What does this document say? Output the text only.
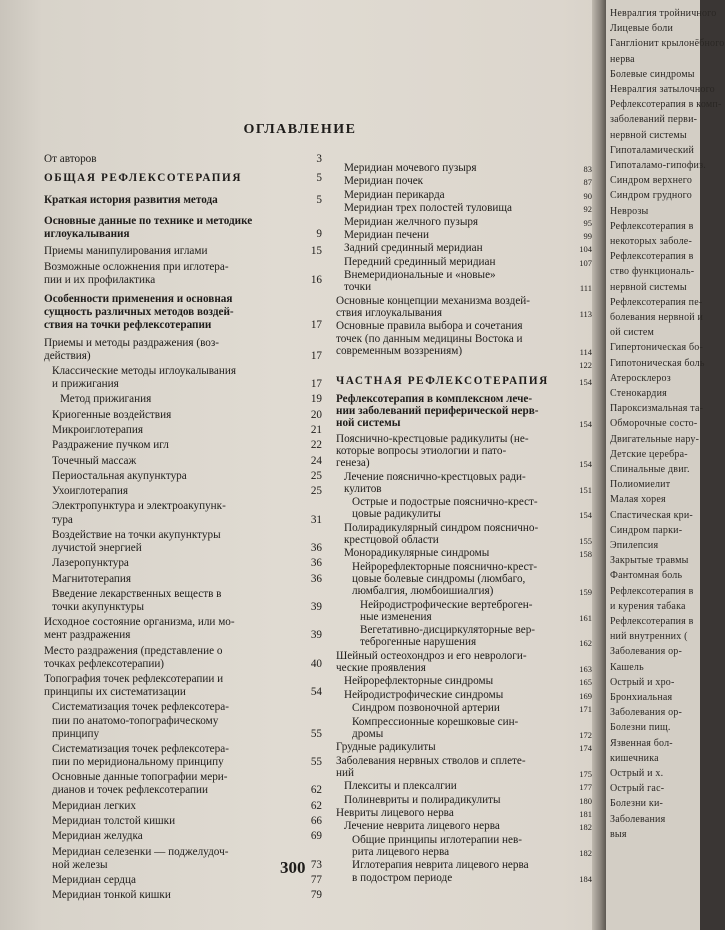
ОГЛАВЛЕНИЕ
От авторов	3
ОБЩАЯ РЕФЛЕКСОТЕРАПИЯ	5
Краткая история развития метода	5
Основные данные по технике и методике
иглоукалывания	9
Приемы манипулирования иглами	15
Возможные осложнения при иглотера-
пии и их профилактика	16
Особенности применения и основная
сущность различных методов воздей-
ствия на точки рефлексотерапии	17
Приемы и методы раздражения (воз-
действия)	17
Классические методы иглоукалывания
и прижигания	17
Метод прижигания	19
Криогенные воздействия	20
Микроиглотерапия	21
Раздражение пучком игл	22
Точечный массаж	24
Периостальная акупунктура	25
Ухоиглотерапия	25
Электропунктура и электроакупунк-
тура	31
Воздействие на точки акупунктуры
лучистой энергией	36
Лазеропунктура	36
Магнитотерапия	36
Введение лекарственных веществ в
точки акупунктуры	39
Исходное состояние организма, или мо-
мент раздражения	39
Место раздражения (представление о
точках рефлексотерапии)	40
Топография точек рефлексотерапии и
принципы их систематизации	54
Систематизация точек рефлексотера-
пии по анатомо-топографическому
принципу	55
Систематизация точек рефлексотера-
пии по меридиональному принципу	55
Основные данные топографии мери-
дианов и точек рефлексотерапии	62
Меридиан легких	62
Меридиан толстой кишки	66
Меридиан желудка	69
Меридиан селезенки — поджелудоч-
ной железы	73
Меридиан сердца	77
Меридиан тонкой кишки	79
Меридиан мочевого пузыря	83
Меридиан почек	87
Меридиан перикарда	90
Меридиан трех полостей туловища	92
Меридиан желчного пузыря	95
Меридиан печени	99
Задний срединный меридиан	104
Передний срединный меридиан	107
Внемеридиональные и «новые»
точки	111
Основные концепции механизма воздей-
ствия иглоукалывания	113
Основные правила выбора и сочетания
точек (по данным медицины Востока и
современным воззрениям)	114
122
ЧАСТНАЯ РЕФЛЕКСОТЕРАПИЯ	154
Рефлексотерапия в комплексном лече-
нии заболеваний периферической нерв-
ной системы	154
Пояснично-крестцовые радикулиты (не-
которые вопросы этиологии и пато-
генеза)	154
Лечение пояснично-крестцовых ради-
кулитов	151
Острые и подострые пояснично-крест-
цовые радикулиты	154
Полирадикулярный синдром пояснично-
крестцовой области	155
Монорадикулярные синдромы	158
Нейрорефлекторные пояснично-крест-
цовые болевые синдромы (люмбаго,
люмбалгия, люмбоишиалгия)	159
Нейродистрофические вертеброген-
ные изменения	161
Вегетативно-дисциркуляторные вер-
теброгенные нарушения	162
Шейный остеохондроз и его неврологи-
ческие проявления	163
Нейрорефлекторные синдромы	165
Нейродистрофические синдромы	169
Синдром позвоночной артерии	171
Компрессионные корешковые син-
дромы	172
Грудные радикулиты	174
Заболевания нервных стволов и сплете-
ний	175
Плекситы и плексалгии	177
Полиневриты и полирадикулиты	180
Невриты лицевого нерва	181
Лечение неврита лицевого нерва	182
Общие принципы иглотерапии нев-
рита лицевого нерва	182
Иглотерапия неврита лицевого нерва
в подостром периоде	184
300
Невралгия тройничного
Лицевые боли
Гангліонит крылонёбного
нерва
Болевые синдромы
Невралгия затылочного
Рефлексотерапия в комп-
заболеваний перви-
нервной системы
Гипоталамический
Гипоталамо-гипофиз.
Синдром верхнего
Синдром грудного
Неврозы
Рефлексотерапия в
некоторых заболе-
Рефлексотерапия в
ство функциональ-
нервной системы
Рефлексотерапия пе-
болевания нервной и
ой систем
Гипертоническая бо-
Гипотоническая боль
Атеросклероз
Стенокардия
Пароксизмальная та-
Обморочные состо-
Двигательные нару-
Детские церебра-
Спинальные двиг.
Полиомиелит
Малая хорея
Спастическая кри-
Синдром парки-
Эпилепсия
Закрытые травмы
Фантомная боль
Рефлексотерапия в
и курения табака
Рефлексотерапия в
ний внутренних (
Заболевания ор-
Кашель
Острый и хро-
Бронхиальная
Заболевания ор-
Болезни пищ.
Язвенная бол-
кишечника
Острый и х.
Острый гас-
Болезни ки-
Заболевания
выя
